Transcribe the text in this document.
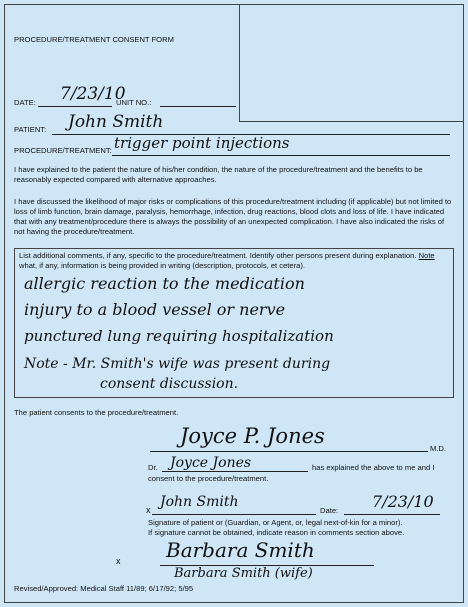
PROCEDURE/TREATMENT CONSENT FORM
DATE: 7/23/10
UNIT NO.:
PATIENT: John Smith
PROCEDURE/TREATMENT: trigger point injections
I have explained to the patient the nature of his/her condition, the nature of the procedure/treatment and the benefits to be reasonably expected compared with alternative approaches.
I have discussed the likelihood of major risks or complications of this procedure/treatment including (if applicable) but not limited to loss of limb function, brain damage, paralysis, hemorrhage, infection, drug reactions, blood clots and loss of life. I have indicated that with any treatment/procedure there is always the possibility of an unexpected complication. I have also indicated the risks of not having the procedure/treatment.
List additional comments, if any, specific to the procedure/treatment. Identify other persons present during explanation. Note what, if any, information is being provided in writing (description, protocols, et cetera).
allergic reaction to the medication
injury to a blood vessel or nerve
punctured lung requiring hospitalization
Note - Mr. Smith's wife was present during
consent discussion.
The patient consents to the procedure/treatment.
Joyce P. Jones
M.D.
Dr. Joyce Jones	has explained the above to me and I
consent to the procedure/treatment.
x John Smith
Date: 7/23/10
Signature of patient or (Guardian, or Agent, or, legal next-of-kin for a minor).
If signature cannot be obtained, indicate reason in comments section above.
x Barbara Smith
Barbara Smith (wife)
Revised/Approved: Medical Staff 11/89; 6/17/92; 5/95
